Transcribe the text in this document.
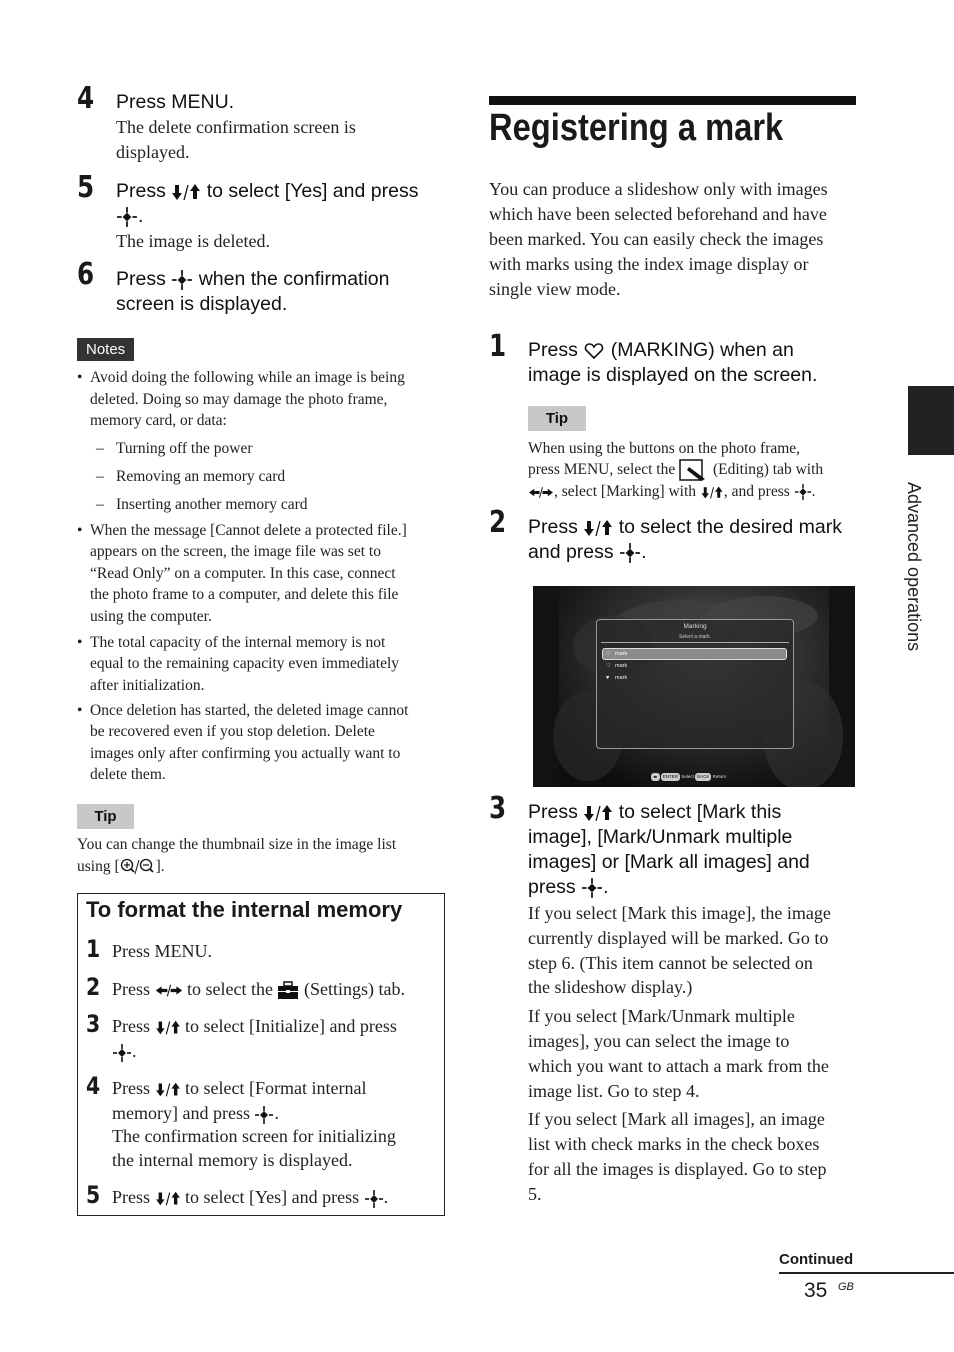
4 Press MENU.
The delete confirmation screen is
displayed.
5 Press to select [Yes] and press
.
The image is deleted.
6 Press when the confirmation
screen is displayed.
Notes
• Avoid doing the following while an image is being
deleted. Doing so may damage the photo frame,
memory card, or data:
– Turning off the power
– Removing an memory card
– Inserting another memory card
• When the message [Cannot delete a protected file.]
appears on the screen, the image file was set to
“Read Only” on a computer. In this case, connect
the photo frame to a computer, and delete this file
using the computer.
• The total capacity of the internal memory is not
equal to the remaining capacity even immediately
after initialization.
• Once deletion has started, the deleted image cannot
be recovered even if you stop deletion. Delete
images only after confirming you actually want to
delete them.
Tip
You can change the thumbnail size in the image list
using [ ].
To format the internal memory
1 Press MENU.
2 Press to select the (Settings) tab.
3 Press to select [Initialize] and press
.
4 Press to select [Format internal
memory] and press .
The confirmation screen for initializing
the internal memory is displayed.
5 Press to select [Yes] and press .
Registering a mark
You can produce a slideshow only with images
which have been selected beforehand and have
been marked. You can easily check the images
with marks using the index image display or
single view mode.
1 Press (MARKING) when an
image is displayed on the screen.
Tip
When using the buttons on the photo frame,
press MENU, select the (Editing) tab with
, select [Marking] with , and press .
2 Press to select the desired mark
and press .
Marking
Select a mark.
♡ mark
♡ mark
♥ mark
◂▸ ENTER Select BACK Return
3 Press to select [Mark this
image], [Mark/Unmark multiple
images] or [Mark all images] and
press .
If you select [Mark this image], the image
currently displayed will be marked. Go to
step 6. (This item cannot be selected on
the slideshow display.)
If you select [Mark/Unmark multiple
images], you can select the image to
which you want to attach a mark from the
image list. Go to step 4.
If you select [Mark all images], an image
list with check marks in the check boxes
for all the images is displayed. Go to step
5.
Advanced operations
Continued
35 GB
